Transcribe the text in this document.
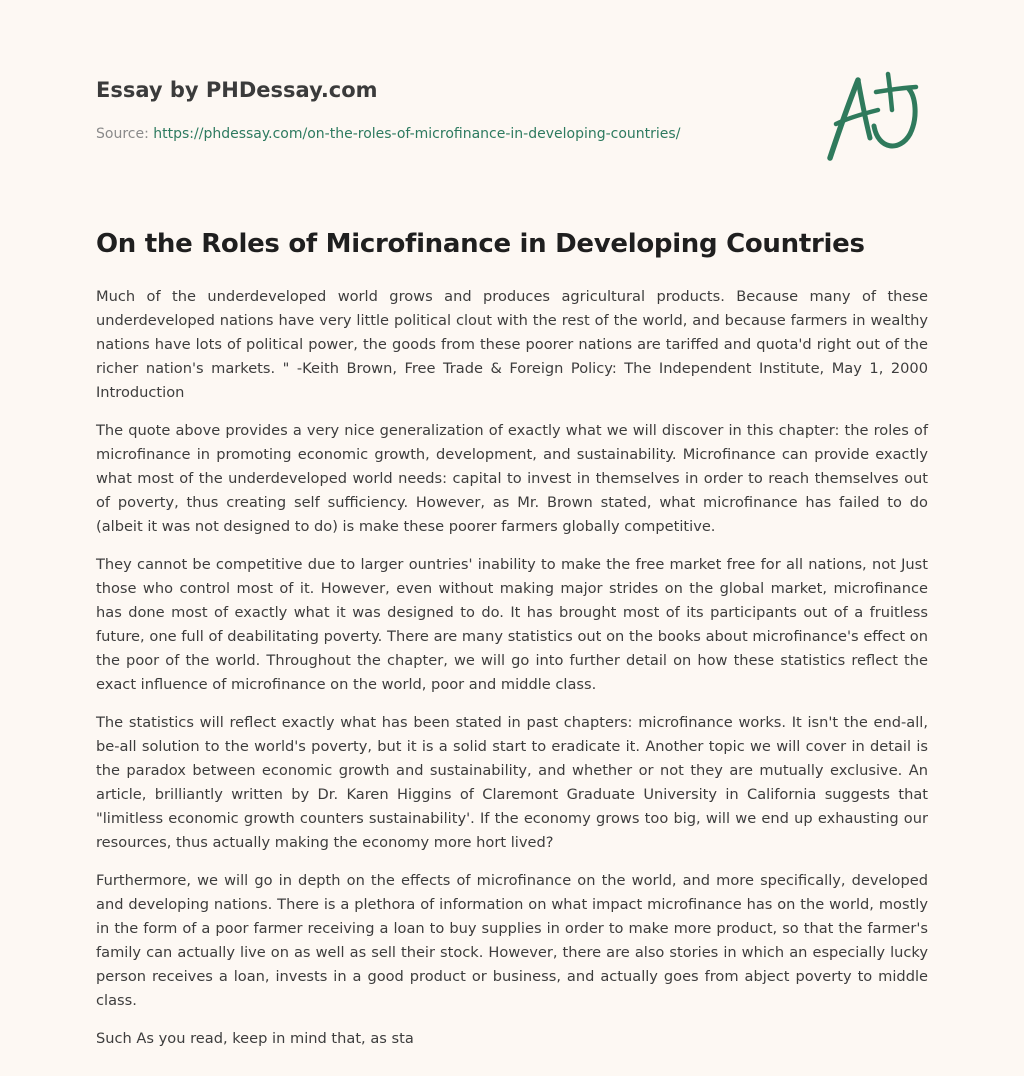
Essay by PHDessay.com
Source: https://phdessay.com/on-the-roles-of-microfinance-in-developing-countries/
On the Roles of Microfinance in Developing Countries

Much of the underdeveloped world grows and produces agricultural products. Because many of these underdeveloped nations have very little political clout with the rest of the world, and because farmers in wealthy nations have lots of political power, the goods from these poorer nations are tariffed and quota'd right out of the richer nation's markets. " -Keith Brown, Free Trade & Foreign Policy: The Independent Institute, May 1, 2000 Introduction

The quote above provides a very nice generalization of exactly what we will discover in this chapter: the roles of microfinance in promoting economic growth, development, and sustainability. Microfinance can provide exactly what most of the underdeveloped world needs: capital to invest in themselves in order to reach themselves out of poverty, thus creating self sufficiency. However, as Mr. Brown stated, what microfinance has failed to do (albeit it was not designed to do) is make these poorer farmers globally competitive.

They cannot be competitive due to larger ountries' inability to make the free market free for all nations, not Just those who control most of it. However, even without making major strides on the global market, microfinance has done most of exactly what it was designed to do. It has brought most of its participants out of a fruitless future, one full of deabilitating poverty. There are many statistics out on the books about microfinance's effect on the poor of the world. Throughout the chapter, we will go into further detail on how these statistics reflect the exact influence of microfinance on the world, poor and middle class.

The statistics will reflect exactly what has been stated in past chapters: microfinance works. It isn't the end-all, be-all solution to the world's poverty, but it is a solid start to eradicate it. Another topic we will cover in detail is the paradox between economic growth and sustainability, and whether or not they are mutually exclusive. An article, brilliantly written by Dr. Karen Higgins of Claremont Graduate University in California suggests that "limitless economic growth counters sustainability'. If the economy grows too big, will we end up exhausting our resources, thus actually making the economy more hort lived?

Furthermore, we will go in depth on the effects of microfinance on the world, and more specifically, developed and developing nations. There is a plethora of information on what impact microfinance has on the world, mostly in the form of a poor farmer receiving a loan to buy supplies in order to make more product, so that the farmer's family can actually live on as well as sell their stock. However, there are also stories in which an especially lucky person receives a loan, invests in a good product or business, and actually goes from abject poverty to middle class.

Such As you read, keep in mind that, as sta
